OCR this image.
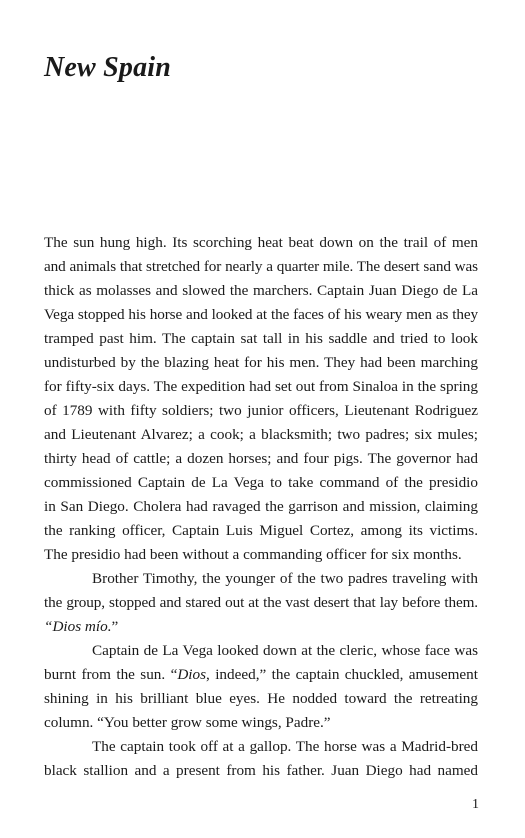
New Spain
The sun hung high. Its scorching heat beat down on the trail of men
and animals that stretched for nearly a quarter mile. The desert sand was
thick as molasses and slowed the marchers. Captain Juan Diego de La
Vega stopped his horse and looked at the faces of his weary men as they
tramped past him. The captain sat tall in his saddle and tried to look
undisturbed by the blazing heat for his men. They had been marching
for fifty-six days. The expedition had set out from Sinaloa in the spring
of 1789 with fifty soldiers; two junior officers, Lieutenant Rodriguez
and Lieutenant Alvarez; a cook; a blacksmith; two padres; six mules;
thirty head of cattle; a dozen horses; and four pigs. The governor had
commissioned Captain de La Vega to take command of the presidio
in San Diego. Cholera had ravaged the garrison and mission, claiming
the ranking officer, Captain Luis Miguel Cortez, among its victims.
The presidio had been without a commanding officer for six months.
Brother Timothy, the younger of the two padres traveling with
the group, stopped and stared out at the vast desert that lay before them.
“Dios mío.”
Captain de La Vega looked down at the cleric, whose face was
burnt from the sun. “Dios, indeed,” the captain chuckled, amusement
shining in his brilliant blue eyes. He nodded toward the retreating
column. “You better grow some wings, Padre.”
The captain took off at a gallop. The horse was a Madrid-bred
black stallion and a present from his father. Juan Diego had named
1
